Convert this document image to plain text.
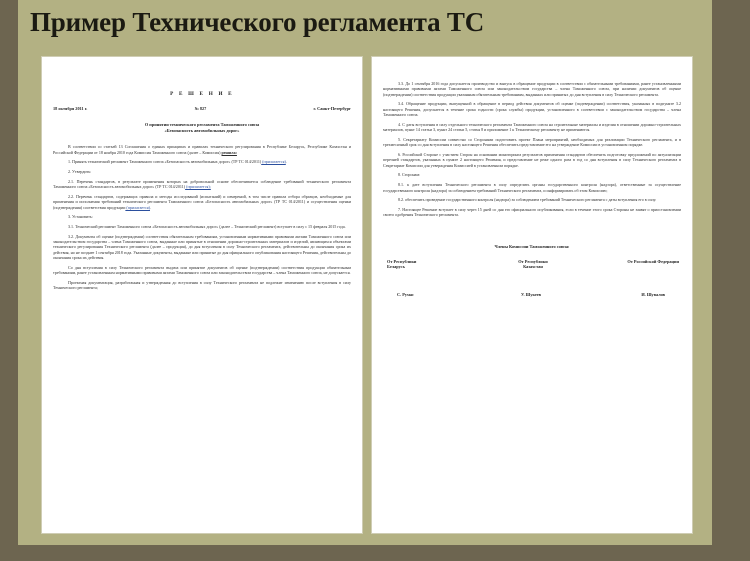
Пример Технического регламента ТС
Р Е Ш Е Н И Е
18 октября 2011 г.	№ 827	г. Санкт-Петербург
О принятии технического регламента Таможенного союза
«Безопасность автомобильных дорог»

В соответствии со статьей 13 Соглашения о единых принципах и правилах технического регулирования в Республике Беларусь, Республике Казахстан и Российской Федерации от 18 ноября 2010 года Комиссия Таможенного союза (далее – Комиссия) решила:

1. Принять технический регламент Таможенного союза «Безопасность автомобильных дорог» (ТР ТС 014/2011) (прилагается).

2. Утвердить:

2.1. Перечень стандартов, в результате применения которых на добровольной основе обеспечивается соблюдение требований технического регламента Таможенного союза «Безопасность автомобильных дорог» (ТР ТС 014/2011) (прилагается);

2.2. Перечень стандартов, содержащих правила и методы исследований (испытаний) и измерений, в том числе правила отбора образцов, необходимые для применения и исполнения требований технического регламента Таможенного союза «Безопасность автомобильных дорог» (ТР ТС 014/2011) и осуществления оценки (подтверждения) соответствия продукции (прилагается).

3. Установить:

3.1. Технический регламент Таможенного союза «Безопасность автомобильных дорог» (далее – Технический регламент) вступает в силу с 15 февраля 2015 года.

3.2. Документы об оценке (подтверждении) соответствия обязательным требованиям, установленным нормативными правовыми актами Таможенного союза или законодательством государства – члена Таможенного союза, выданные или принятые в отношении дорожно-строительных материалов и изделий, являющихся объектами технического регулирования Технического регламента (далее – продукция), до дня вступления в силу Технического регламента, действительны до окончания срока их действия, но не позднее 1 сентября 2018 года. Указанные документы, выданные или принятые до дня официального опубликования настоящего Решения, действительны до окончания срока их действия.

Со дня вступления в силу Технического регламента выдача или принятие документов об оценке (подтверждении) соответствия продукции обязательным требованиям, ранее установленным нормативными правовыми актами Таможенного союза или законодательством государства – члена Таможенного союза, не допускается.

Проектная документация, разработанная и утвержденная до вступления в силу Технического регламента не подлежит изменению после вступления в силу Технического регламента;

3.3. До 1 сентября 2016 года допускается производство и выпуск в обращение продукции в соответствии с обязательными требованиями, ранее установленными нормативными правовыми актами Таможенного союза или законодательством государства – члена Таможенного союза, при наличии документов об оценке (подтверждении) соответствия продукции указанным обязательным требованиям, выданных или принятых до дня вступления в силу Технического регламента.

3.4. Обращение продукции, выпущенной в обращение в период действия документов об оценке (подтверждении) соответствия, указанных в подпункте 3.2 настоящего Решения, допускается в течение срока годности (срока службы) продукции, установленного в соответствии с законодательством государства – члена Таможенного союза.

4. С даты вступления в силу отдельного технического регламента Таможенного союза на строительные материалы и изделия в отношении дорожно-строительных материалов, пункт 14 статьи 3, пункт 24 статьи 5, статья 8 и приложение 1 к Техническому регламенту не применяются.

5. Секретариату Комиссии совместно со Сторонами подготовить проект Плана мероприятий, необходимых для реализации Технического регламента, и в трехмесячный срок со дня вступления в силу настоящего Решения обеспечить представление его на утверждение Комиссии в установленном порядке.

6. Российской Стороне с участием Сторон на основании мониторинга результатов применения стандартов обеспечить подготовку предложений по актуализации перечней стандартов, указанных в пункте 2 настоящего Решения, и представление не реже одного раза в год со дня вступления в силу Технического регламента в Секретариат Комиссии для утверждения Комиссией в установленном порядке.

8. Сторонам:

8.1. к дате вступления Технического регламента в силу определить органы государственного контроля (надзора), ответственные за осуществление государственного контроля (надзора) за соблюдением требований Технического регламента, и информировать об этом Комиссию;

8.2. обеспечить проведение государственного контроля (надзора) за соблюдением требований Технического регламента с даты вступления его в силу.

7. Настоящее Решение вступает в силу через 15 дней со дня его официального опубликования, если в течение этого срока Стороны не заявят о приостановлении своего одобрения Технического регламента.

Члены Комиссии Таможенного союза:
От Республики
Беларусь
От Республики
Казахстан
От Российской Федерации
С. Румас	У. Шукеев	И. Шувалов
